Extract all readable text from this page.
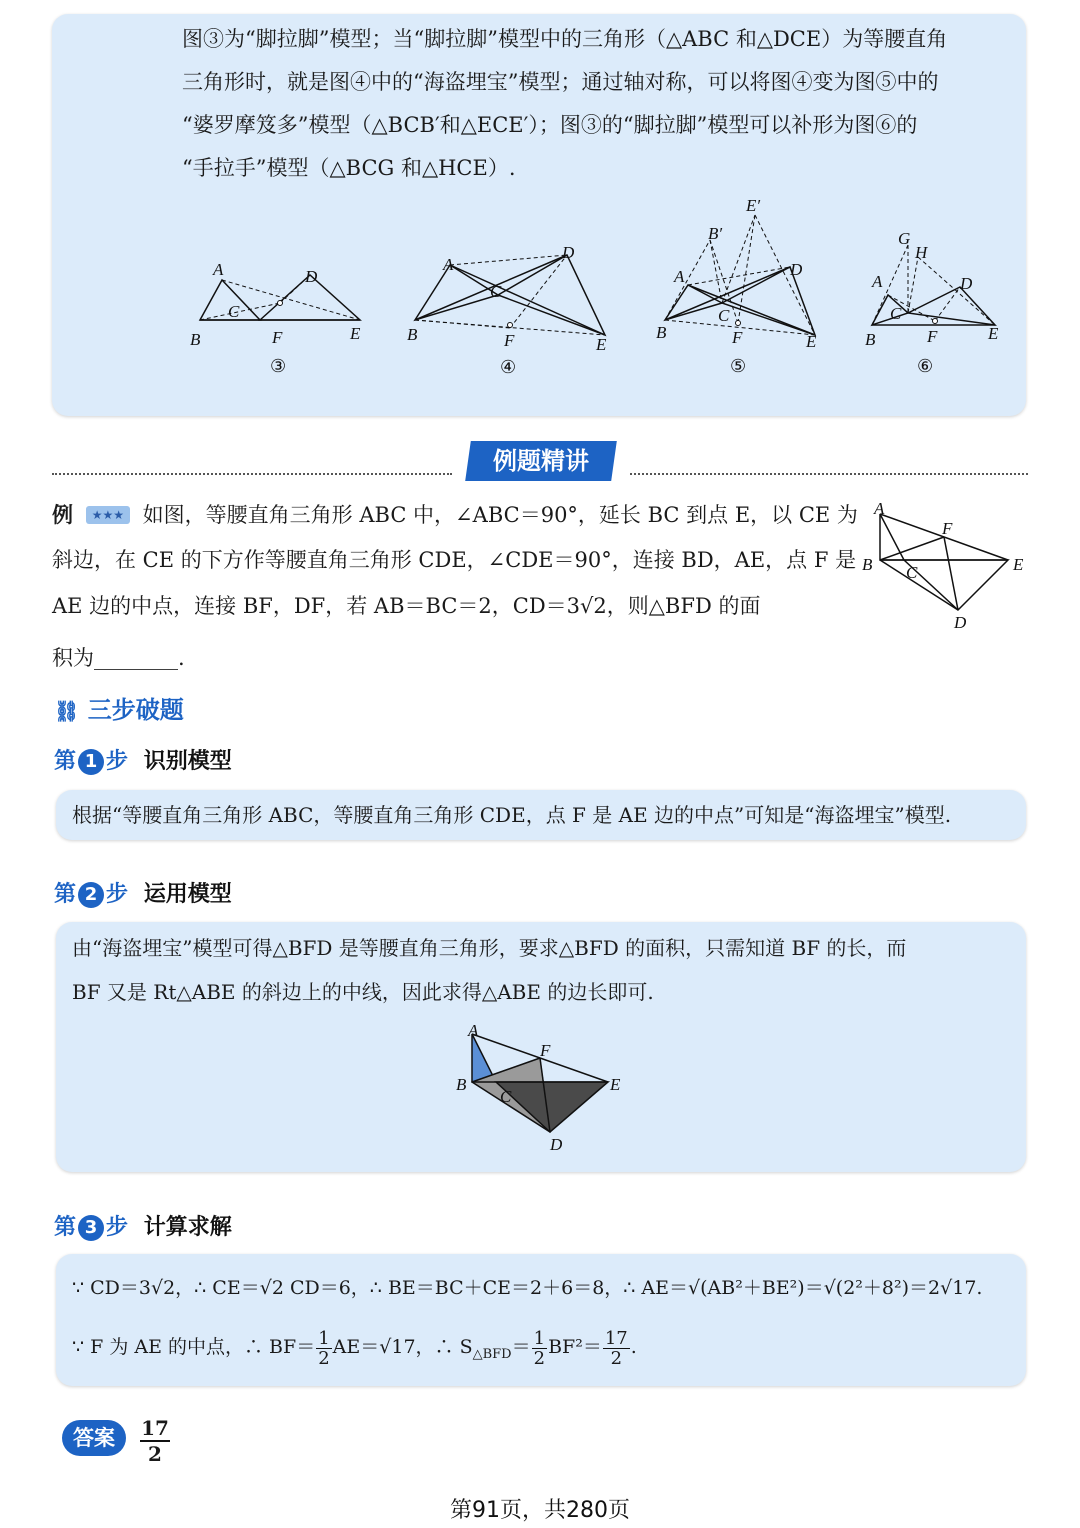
图③为“脚拉脚”模型；当“脚拉脚”模型中的三角形（△ABC 和△DCE）为等腰直角
三角形时，就是图④中的“海盗埋宝”模型；通过轴对称，可以将图④变为图⑤中的
“婆罗摩笈多”模型（△BCB′和△ECE′）；图③的“脚拉脚”模型可以补形为图⑥的
“手拉手”模型（△BCG 和△HCE）.
A
B
C
D
E
F
③
A
B
C
D
E
F
④
A
B
C
D
E
F
B′
E′
⑤
A
B
C
D
E
F
G
H
⑥
例题精讲
例 ★★★ 如图，等腰直角三角形 ABC 中，∠ABC＝90°，延长 BC 到点 E，以 CE 为
斜边，在 CE 的下方作等腰直角三角形 CDE，∠CDE＝90°，连接 BD，AE，点 F 是
AE 边的中点，连接 BF，DF，若 AB＝BC＝2，CD＝3√2，则△BFD 的面
积为________.
A
B C
D
E
F
⛓ 三步破题
第 1 步 识别模型
根据“等腰直角三角形 ABC，等腰直角三角形 CDE，点 F 是 AE 边的中点”可知是“海盗埋宝”模型.
第 2 步 运用模型
由“海盗埋宝”模型可得△BFD 是等腰直角三角形，要求△BFD 的面积，只需知道 BF 的长，而
BF 又是 Rt△ABE 的斜边上的中线，因此求得△ABE 的边长即可.
A
B
C
D
E
F
第 3 步 计算求解
∵ CD＝3√2，∴ CE＝√2 CD＝6，∴ BE＝BC＋CE＝2＋6＝8，∴ AE＝√(AB²＋BE²)＝√(2²＋8²)＝2√17.
∵ F 为 AE 的中点，∴ $BF= \frac{1}{2} AE=√17$，∴ $S_{\triangle BFD}= \frac{1}{2} BF^2= \frac{17}{2}$ .
答案	17
2
第91页，共280页
